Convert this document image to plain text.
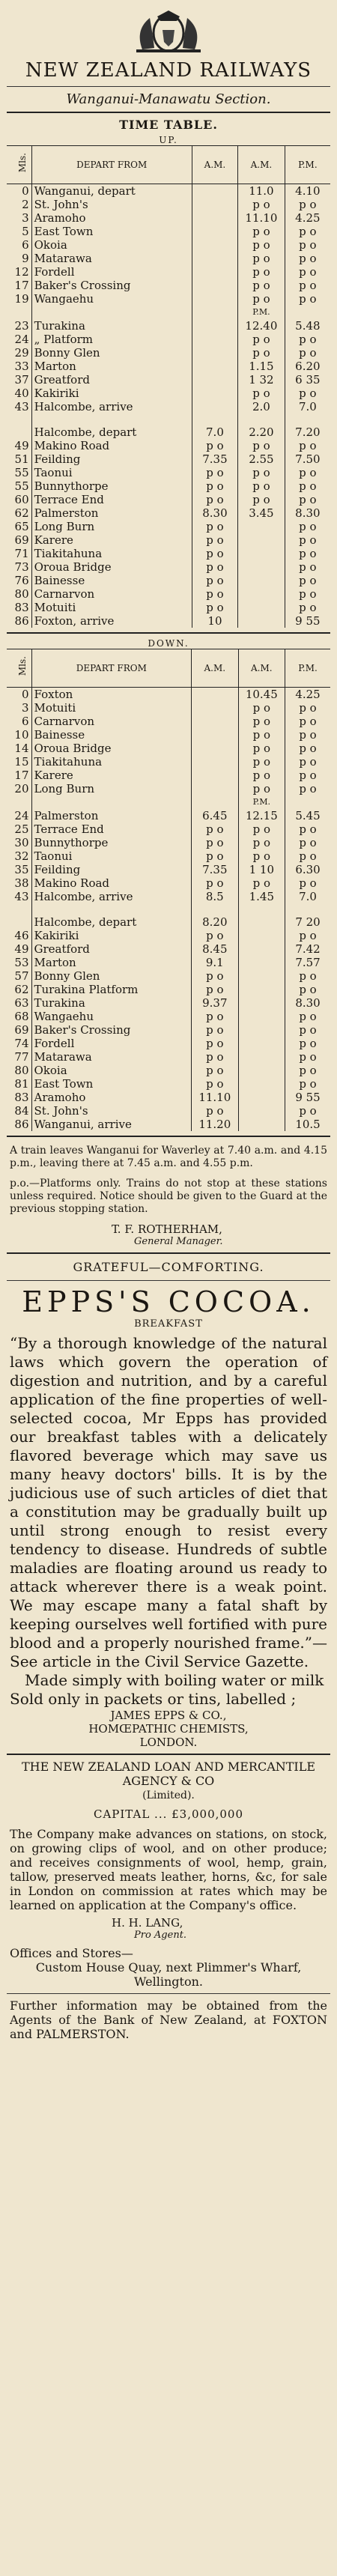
NEW ZEALAND RAILWAYS
Wanganui-Manawatu Section.
TIME TABLE.
UP.
Mls.	DEPART FROM	A.M.	A.M.	P.M.
0	Wanganui, depart		11.0	4.10
2	St. John's		p o	p o
3	Aramoho		11.10	4.25
5	East Town		p o	p o
6	Okoia		p o	p o
9	Matarawa		p o	p o
12	Fordell		p o	p o
17	Baker's Crossing		p o	p o
19	Wangaehu		p o	p o
			P.M.	
23	Turakina		12.40	5.48
24	„ Platform		p o	p o
29	Bonny Glen		p o	p o
33	Marton		1.15	6.20
37	Greatford		1 32	6 35
40	Kakiriki		p o	p o
43	Halcombe, arrive		2.0	7.0

	Halcombe, depart	7.0	2.20	7.20
49	Makino Road	p o	p o	p o
51	Feilding	7.35	2.55	7.50
55	Taonui	p o	p o	p o
55	Bunnythorpe	p o	p o	p o
60	Terrace End	p o	p o	p o
62	Palmerston	8.30	3.45	8.30
65	Long Burn	p o		p o
69	Karere	p o		p o
71	Tiakitahuna	p o		p o
73	Oroua Bridge	p o		p o
76	Bainesse	p o		p o
80	Carnarvon	p o		p o
83	Motuiti	p o		p o
86	Foxton, arrive	10		9 55
DOWN.
Mls.	DEPART FROM	A.M.	A.M.	P.M.
0	Foxton		10.45	4.25
3	Motuiti		p o	p o
6	Carnarvon		p o	p o
10	Bainesse		p o	p o
14	Oroua Bridge		p o	p o
15	Tiakitahuna		p o	p o
17	Karere		p o	p o
20	Long Burn		p o	p o
			P.M.	
24	Palmerston	6.45	12.15	5.45
25	Terrace End	p o	p o	p o
30	Bunnythorpe	p o	p o	p o
32	Taonui	p o	p o	p o
35	Feilding	7.35	1 10	6.30
38	Makino Road	p o	p o	p o
43	Halcombe, arrive	8.5	1.45	7.0

	Halcombe, depart	8.20		7 20
46	Kakiriki	p o		p o
49	Greatford	8.45		7.42
53	Marton	9.1		7.57
57	Bonny Glen	p o		p o
62	Turakina Platform	p o		p o
63	Turakina	9.37		8.30
68	Wangaehu	p o		p o
69	Baker's Crossing	p o		p o
74	Fordell	p o		p o
77	Matarawa	p o		p o
80	Okoia	p o		p o
81	East Town	p o		p o
83	Aramoho	11.10		9 55
84	St. John's	p o		p o
86	Wanganui, arrive	11.20		10.5
A train leaves Wanganui for Waverley at 7.40 a.m. and 4.15 p.m., leaving there at 7.45 a.m. and 4.55 p.m.
p.o.—Platforms only. Trains do not stop at these stations unless required. Notice should be given to the Guard at the previous stopping station.
T. F. ROTHERHAM,
General Manager.
GRATEFUL—COMFORTING.
EPPS'S COCOA.
BREAKFAST
“By a thorough knowledge of the natural laws which govern the operation of digestion and nutrition, and by a careful application of the fine properties of well-selected cocoa, Mr Epps has provided our breakfast tables with a delicately flavored beverage which may save us many heavy doctors' bills. It is by the judicious use of such articles of diet that a constitution may be gradually built up until strong enough to resist every tendency to disease. Hundreds of subtle maladies are floating around us ready to attack wherever there is a weak point. We may escape many a fatal shaft by keeping ourselves well fortified with pure blood and a properly nourished frame.”—See article in the Civil Service Gazette.
Made simply with boiling water or milk
Sold only in packets or tins, labelled ;
JAMES EPPS & CO.,
HOMŒPATHIC CHEMISTS,
LONDON.
THE NEW ZEALAND LOAN AND MERCANTILE AGENCY & CO
(Limited).
CAPITAL ... £3,000,000
The Company make advances on stations, on stock, on growing clips of wool, and on other produce; and receives consignments of wool, hemp, grain, tallow, preserved meats leather, horns, &c, for sale in London on commission at rates which may be learned on application at the Company's office.
H. H. LANG,
Pro Agent.
Offices and Stores—
Custom House Quay, next Plimmer's Wharf, Wellington.
Further information may be obtained from the Agents of the Bank of New Zealand, at FOXTON and PALMERSTON.
